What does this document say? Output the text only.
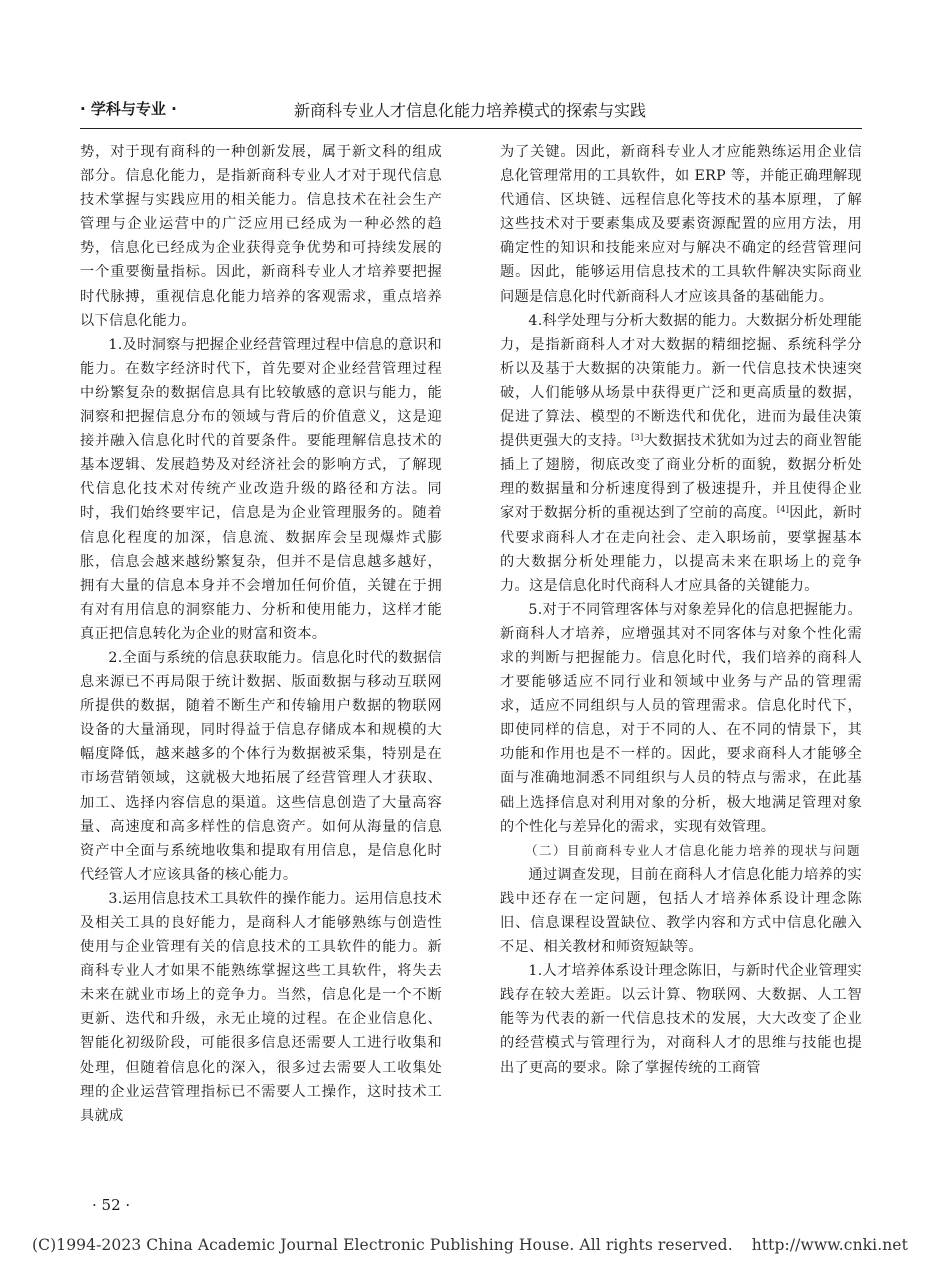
· 学科与专业 ·	新商科专业人才信息化能力培养模式的探索与实践

势，对于现有商科的一种创新发展，属于新文科的组成部分。信息化能力，是指新商科专业人才对于现代信息技术掌握与实践应用的相关能力。信息技术在社会生产管理与企业运营中的广泛应用已经成为一种必然的趋势，信息化已经成为企业获得竞争优势和可持续发展的一个重要衡量指标。因此，新商科专业人才培养要把握时代脉搏，重视信息化能力培养的客观需求，重点培养以下信息化能力。

1.及时洞察与把握企业经营管理过程中信息的意识和能力。在数字经济时代下，首先要对企业经营管理过程中纷繁复杂的数据信息具有比较敏感的意识与能力，能洞察和把握信息分布的领域与背后的价值意义，这是迎接并融入信息化时代的首要条件。要能理解信息技术的基本逻辑、发展趋势及对经济社会的影响方式，了解现代信息化技术对传统产业改造升级的路径和方法。同时，我们始终要牢记，信息是为企业管理服务的。随着信息化程度的加深，信息流、数据库会呈现爆炸式膨胀，信息会越来越纷繁复杂，但并不是信息越多越好，拥有大量的信息本身并不会增加任何价值，关键在于拥有对有用信息的洞察能力、分析和使用能力，这样才能真正把信息转化为企业的财富和资本。

2.全面与系统的信息获取能力。信息化时代的数据信息来源已不再局限于统计数据、版面数据与移动互联网所提供的数据，随着不断生产和传输用户数据的物联网设备的大量涌现，同时得益于信息存储成本和规模的大幅度降低，越来越多的个体行为数据被采集，特别是在市场营销领域，这就极大地拓展了经营管理人才获取、加工、选择内容信息的渠道。这些信息创造了大量高容量、高速度和高多样性的信息资产。如何从海量的信息资产中全面与系统地收集和提取有用信息，是信息化时代经管人才应该具备的核心能力。

3.运用信息技术工具软件的操作能力。运用信息技术及相关工具的良好能力，是商科人才能够熟练与创造性使用与企业管理有关的信息技术的工具软件的能力。新商科专业人才如果不能熟练掌握这些工具软件，将失去未来在就业市场上的竞争力。当然，信息化是一个不断更新、迭代和升级，永无止境的过程。在企业信息化、智能化初级阶段，可能很多信息还需要人工进行收集和处理，但随着信息化的深入，很多过去需要人工收集处理的企业运营管理指标已不需要人工操作，这时技术工具就成

为了关键。因此，新商科专业人才应能熟练运用企业信息化管理常用的工具软件，如 ERP 等，并能正确理解现代通信、区块链、远程信息化等技术的基本原理，了解这些技术对于要素集成及要素资源配置的应用方法，用确定性的知识和技能来应对与解决不确定的经营管理问题。因此，能够运用信息技术的工具软件解决实际商业问题是信息化时代新商科人才应该具备的基础能力。

4.科学处理与分析大数据的能力。大数据分析处理能力，是指新商科人才对大数据的精细挖掘、系统科学分析以及基于大数据的决策能力。新一代信息技术快速突破，人们能够从场景中获得更广泛和更高质量的数据，促进了算法、模型的不断迭代和优化，进而为最佳决策提供更强大的支持。[3]大数据技术犹如为过去的商业智能插上了翅膀，彻底改变了商业分析的面貌，数据分析处理的数据量和分析速度得到了极速提升，并且使得企业家对于数据分析的重视达到了空前的高度。[4]因此，新时代要求商科人才在走向社会、走入职场前，要掌握基本的大数据分析处理能力，以提高未来在职场上的竞争力。这是信息化时代商科人才应具备的关键能力。

5.对于不同管理客体与对象差异化的信息把握能力。新商科人才培养，应增强其对不同客体与对象个性化需求的判断与把握能力。信息化时代，我们培养的商科人才要能够适应不同行业和领域中业务与产品的管理需求，适应不同组织与人员的管理需求。信息化时代下，即使同样的信息，对于不同的人、在不同的情景下，其功能和作用也是不一样的。因此，要求商科人才能够全面与准确地洞悉不同组织与人员的特点与需求，在此基础上选择信息对利用对象的分析，极大地满足管理对象的个性化与差异化的需求，实现有效管理。

（二）目前商科专业人才信息化能力培养的现状与问题

通过调查发现，目前在商科人才信息化能力培养的实践中还存在一定问题，包括人才培养体系设计理念陈旧、信息课程设置缺位、教学内容和方式中信息化融入不足、相关教材和师资短缺等。

1.人才培养体系设计理念陈旧，与新时代企业管理实践存在较大差距。以云计算、物联网、大数据、人工智能等为代表的新一代信息技术的发展，大大改变了企业的经营模式与管理行为，对商科人才的思维与技能也提出了更高的要求。除了掌握传统的工商管

· 52 ·
(C)1994-2023 China Academic Journal Electronic Publishing House. All rights reserved. http://www.cnki.net
